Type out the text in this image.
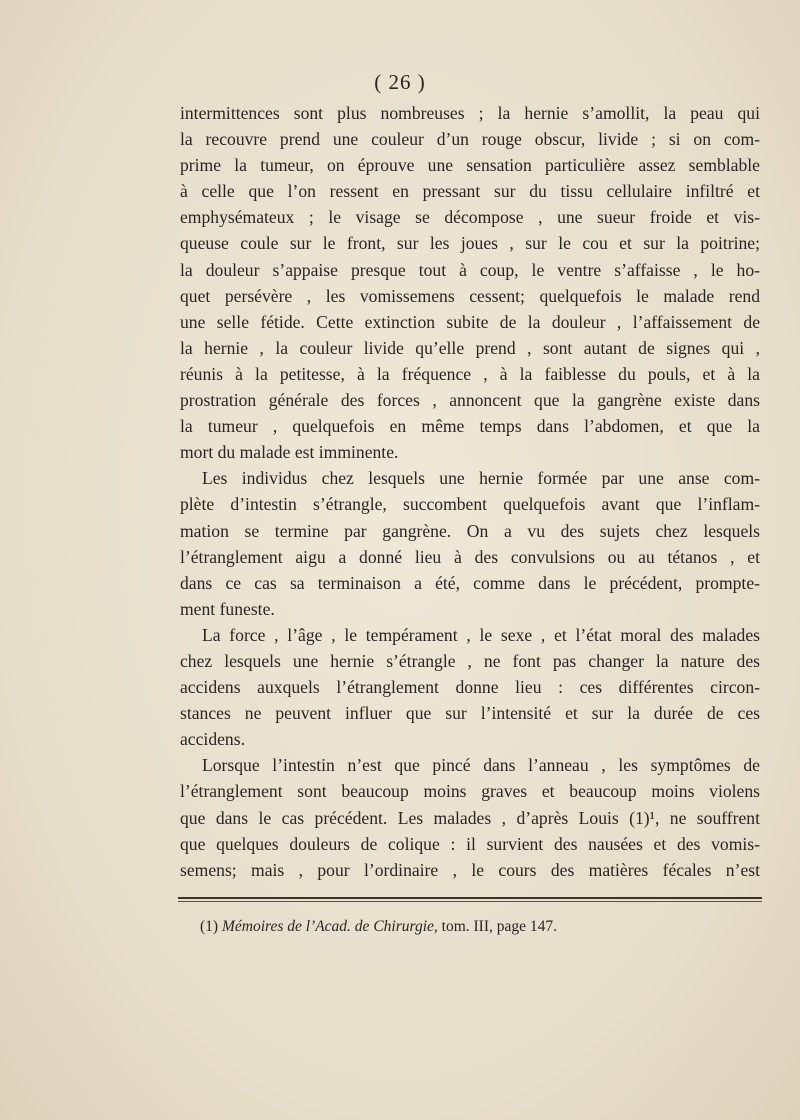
( 26 )
intermittences sont plus nombreuses ; la hernie s’amollit, la peau qui
la recouvre prend une couleur d’un rouge obscur, livide ; si on com-
prime la tumeur, on éprouve une sensation particulière assez semblable
à celle que l’on ressent en pressant sur du tissu cellulaire infiltré et
emphysémateux ; le visage se décompose , une sueur froide et vis-
queuse coule sur le front, sur les joues , sur le cou et sur la poitrine;
la douleur s’appaise presque tout à coup, le ventre s’affaisse , le ho-
quet persévère , les vomissemens cessent; quelquefois le malade rend
une selle fétide. Cette extinction subite de la douleur , l’affaissement de
la hernie , la couleur livide qu’elle prend , sont autant de signes qui ,
réunis à la petitesse, à la fréquence , à la faiblesse du pouls, et à la
prostration générale des forces , annoncent que la gangrène existe dans
la tumeur , quelquefois en même temps dans l’abdomen, et que la
mort du malade est imminente.
Les individus chez lesquels une hernie formée par une anse com-
plète d’intestin s’étrangle, succombent quelquefois avant que l’inflam-
mation se termine par gangrène. On a vu des sujets chez lesquels
l’étranglement aigu a donné lieu à des convulsions ou au tétanos , et
dans ce cas sa terminaison a été, comme dans le précédent, prompte-
ment funeste.
La force , l’âge , le tempérament , le sexe , et l’état moral des malades
chez lesquels une hernie s’étrangle , ne font pas changer la nature des
accidens auxquels l’étranglement donne lieu : ces différentes circon-
stances ne peuvent influer que sur l’intensité et sur la durée de ces
accidens.
Lorsque l’intestin n’est que pincé dans l’anneau , les symptômes de
l’étranglement sont beaucoup moins graves et beaucoup moins violens
que dans le cas précédent. Les malades , d’après Louis (1)¹, ne souffrent
que quelques douleurs de colique : il survient des nausées et des vomis-
semens; mais , pour l’ordinaire , le cours des matières fécales n’est
(1) Mémoires de l’Acad. de Chirurgie, tom. III, page 147.
